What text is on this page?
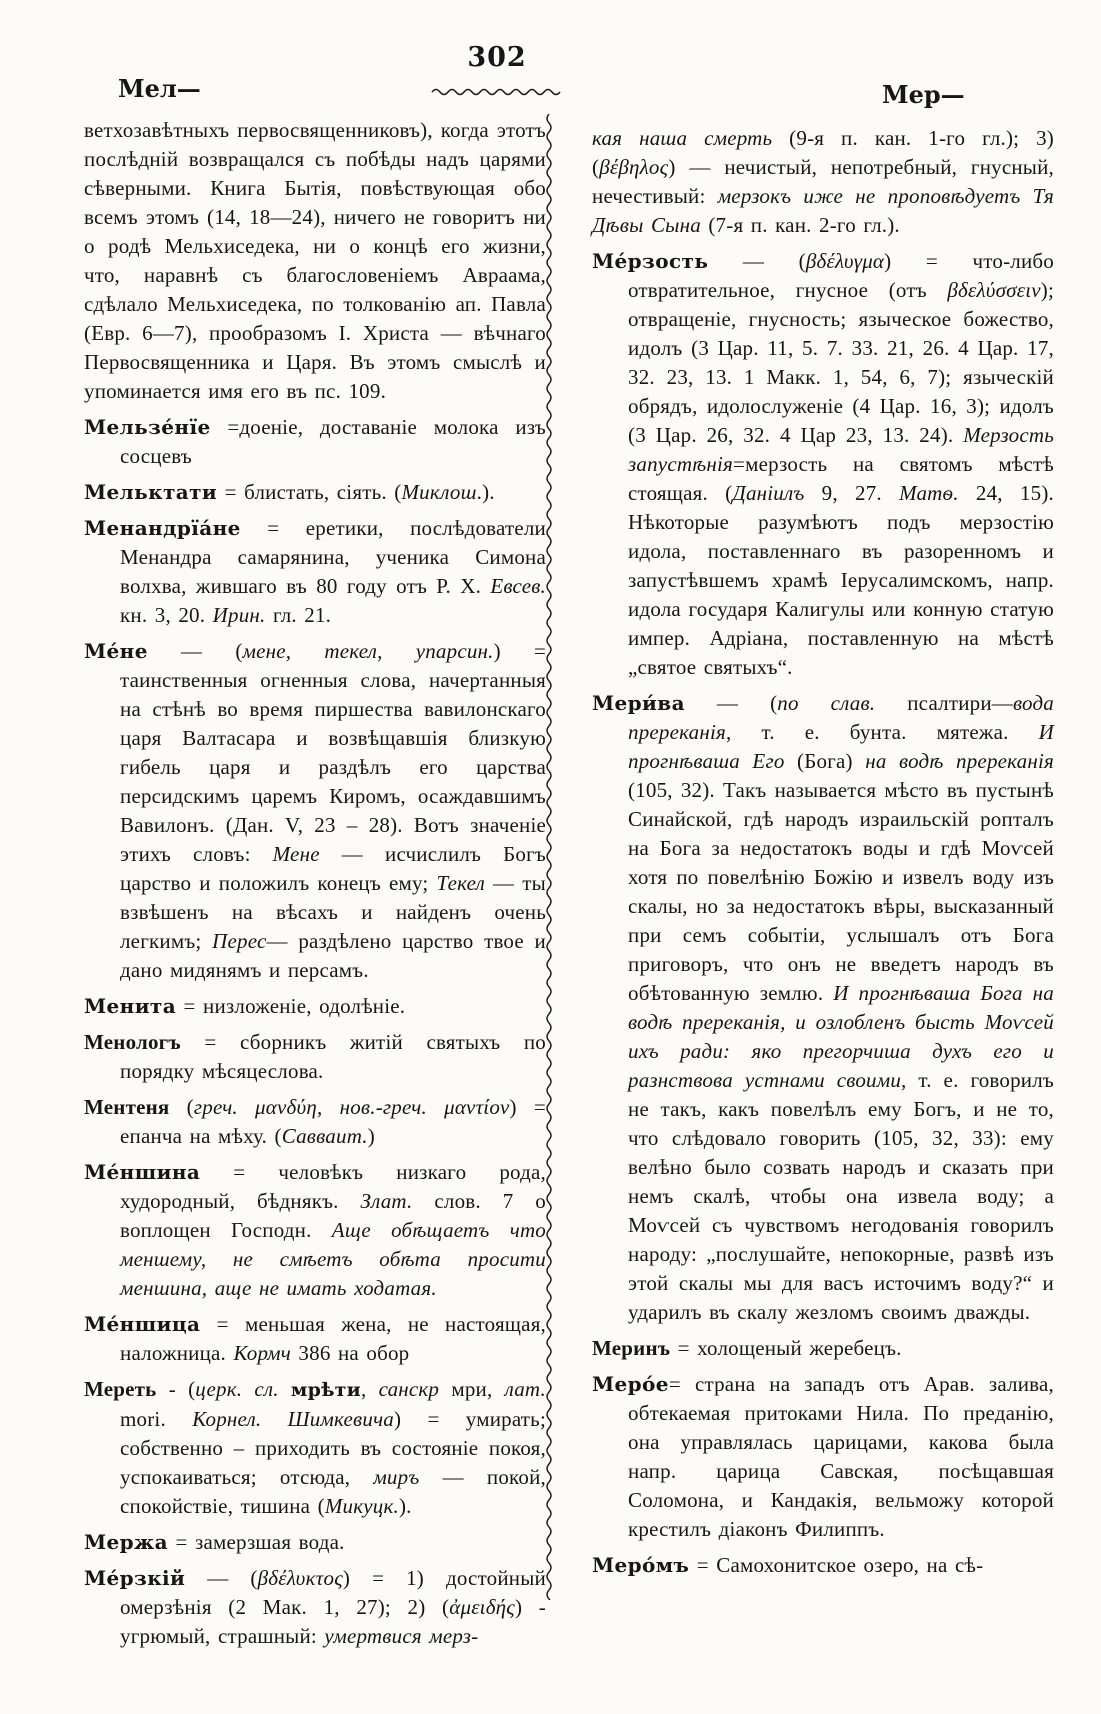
302
Мел—	Мер—

ветхозавѣтныхъ первосвященниковъ), когда этотъ послѣдній возвращался съ побѣды надъ царями сѣверными. Книга Бытія, повѣствующая обо всемъ этомъ (14, 18—24), ничего не говоритъ ни о родѣ Мельхиседека, ни о концѣ его жизни, что, наравнѣ съ благословеніемъ Авраама, сдѣлало Мельхиседека, по толкованію ап. Павла (Евр. 6—7), прообразомъ І. Христа — вѣчнаго Первосвященника и Царя. Въ этомъ смыслѣ и упоминается имя его въ пс. 109.

Мельзе́нїе =доеніе, доставаніе молока изъ сосцевъ

Мельктати = блистать, сіять. (Миклош.).

Менандрїа́не = еретики, послѣдователи Менандра самарянина, ученика Симона волхва, жившаго въ 80 году отъ Р. Х. Евсев. кн. 3, 20. Ирин. гл. 21.

Ме́не — (мене, текел, упарсин.) = таинственныя огненныя слова, начертанныя на стѣнѣ во время пиршества вавилонскаго царя Валтасара и возвѣщавшія близкую гибель царя и раздѣлъ его царства персидскимъ царемъ Киромъ, осаждавшимъ Вавилонъ. (Дан. V, 23 – 28). Вотъ значеніе этихъ словъ: Мене — исчислилъ Богъ царство и положилъ конецъ ему; Текел — ты взвѣшенъ на вѣсахъ и найденъ очень легкимъ; Перес— раздѣлено царство твое и дано мидянямъ и персамъ.

Менита = низложеніе, одолѣніе.

Менологъ = сборникъ житій святыхъ по порядку мѣсяцеслова.

Ментеня (греч. μανδύη, нов.-греч. μαντίον) = епанча на мѣху. (Савваит.)

Ме́ншина = человѣкъ низкаго рода, худородный, бѣднякъ. Злат. слов. 7 о воплощен Господн. Аще обѣщаетъ что меншему, не смѣетъ обѣта просити меншина, аще не имать ходатая.

Ме́ншица = меньшая жена, не настоящая, наложница. Кормч 386 на обор

Мереть - (церк. сл. мрѣти, санскр мри, лат. mori. Корнел. Шимкевича) = умирать; собственно – приходить въ состояніе покоя, успокаиваться; отсюда, миръ — покой, спокойствіе, тишина (Микуцк.).

Мержа = замерзшая вода.

Ме́рзкій — (βδέλυκτος) = 1) достойный омерзѣнія (2 Мак. 1, 27); 2) (ἀμειδής) - угрюмый, страшный: умертвися мерз-

кая наша смерть (9-я п. кан. 1-го гл.); 3) (βέβηλος) — нечистый, непотребный, гнусный, нечестивый: мерзокъ иже не проповѣдуетъ Тя Дѣвы Сына (7-я п. кан. 2-го гл.).

Ме́рзость — (βδέλυγμα) = что-либо отвратительное, гнусное (отъ βδελύσσειν); отвращеніе, гнусность; языческое божество, идолъ (3 Цар. 11, 5. 7. 33. 21, 26. 4 Цар. 17, 32. 23, 13. 1 Макк. 1, 54, 6, 7); языческій обрядъ, идолослуженіе (4 Цар. 16, 3); идолъ (3 Цар. 26, 32. 4 Цар 23, 13. 24). Мерзость запустѣнія=мерзость на святомъ мѣстѣ стоящая. (Даніилъ 9, 27. Матѳ. 24, 15). Нѣкоторые разумѣютъ подъ мерзостію идола, поставленнаго въ разоренномъ и запустѣвшемъ храмѣ Іерусалимскомъ, напр. идола государя Калигулы или конную статую импер. Адріана, поставленную на мѣстѣ „святое святыхъ“.

Мери́ва — (по слав. псалтири—вода пререканія, т. е. бунта. мятежа. И прогнѣваша Его (Бога) на водѣ пререканія (105, 32). Такъ называется мѣсто въ пустынѣ Синайской, гдѣ народъ израильскій ропталъ на Бога за недостатокъ воды и гдѣ Моѵсей хотя по повелѣнію Божію и извелъ воду изъ скалы, но за недостатокъ вѣры, высказанный при семъ событіи, услышалъ отъ Бога приговоръ, что онъ не введетъ народъ въ обѣтованную землю. И прогнѣваша Бога на водѣ пререканія, и озлобленъ бысть Моѵсей ихъ ради: яко прегорчиша духъ его и разнствова устнами своими, т. е. говорилъ не такъ, какъ повелѣлъ ему Богъ, и не то, что слѣдовало говорить (105, 32, 33): ему велѣно было созвать народъ и сказать при немъ скалѣ, чтобы она извела воду; а Моѵсей съ чувствомъ негодованія говорилъ народу: „послушайте, непокорные, развѣ изъ этой скалы мы для васъ источимъ воду?“ и ударилъ въ скалу жезломъ своимъ дважды.

Меринъ = холощеный жеребецъ.

Меро́е= страна на западъ отъ Арав. залива, обтекаемая притоками Нила. По преданію, она управлялась царицами, какова была напр. царица Савская, посѣщавшая Соломона, и Кандакія, вельможу которой крестилъ діаконъ Филиппъ.

Меро́мъ = Самохонитское озеро, на сѣ-
